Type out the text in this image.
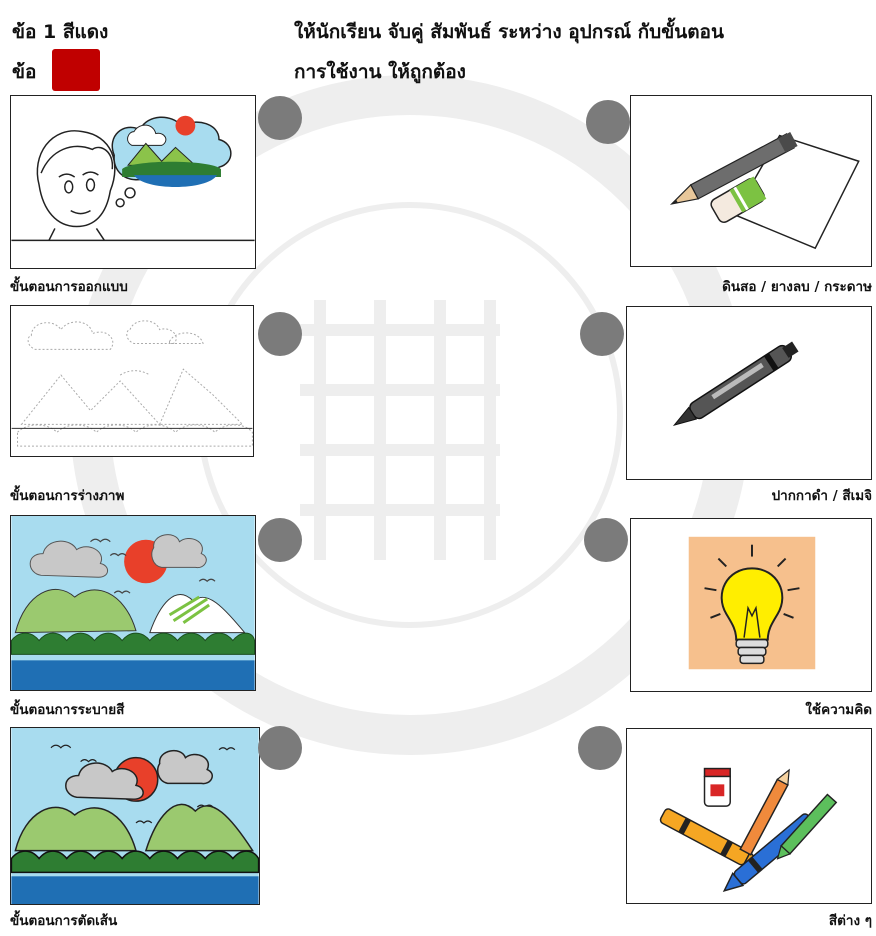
ข้อ 1 สีแดง
ข้อ
ให้นักเรียน จับคู่ สัมพันธ์ ระหว่าง อุปกรณ์ กับขั้นตอน
การใช้งาน ให้ถูกต้อง
ขั้นตอนการออกแบบ
ขั้นตอนการร่างภาพ
ขั้นตอนการระบายสี
ขั้นตอนการตัดเส้น
ดินสอ / ยางลบ / กระดาษ
ปากกาดำ / สีเมจิ
ใช้ความคิด
สีต่าง ๆ
